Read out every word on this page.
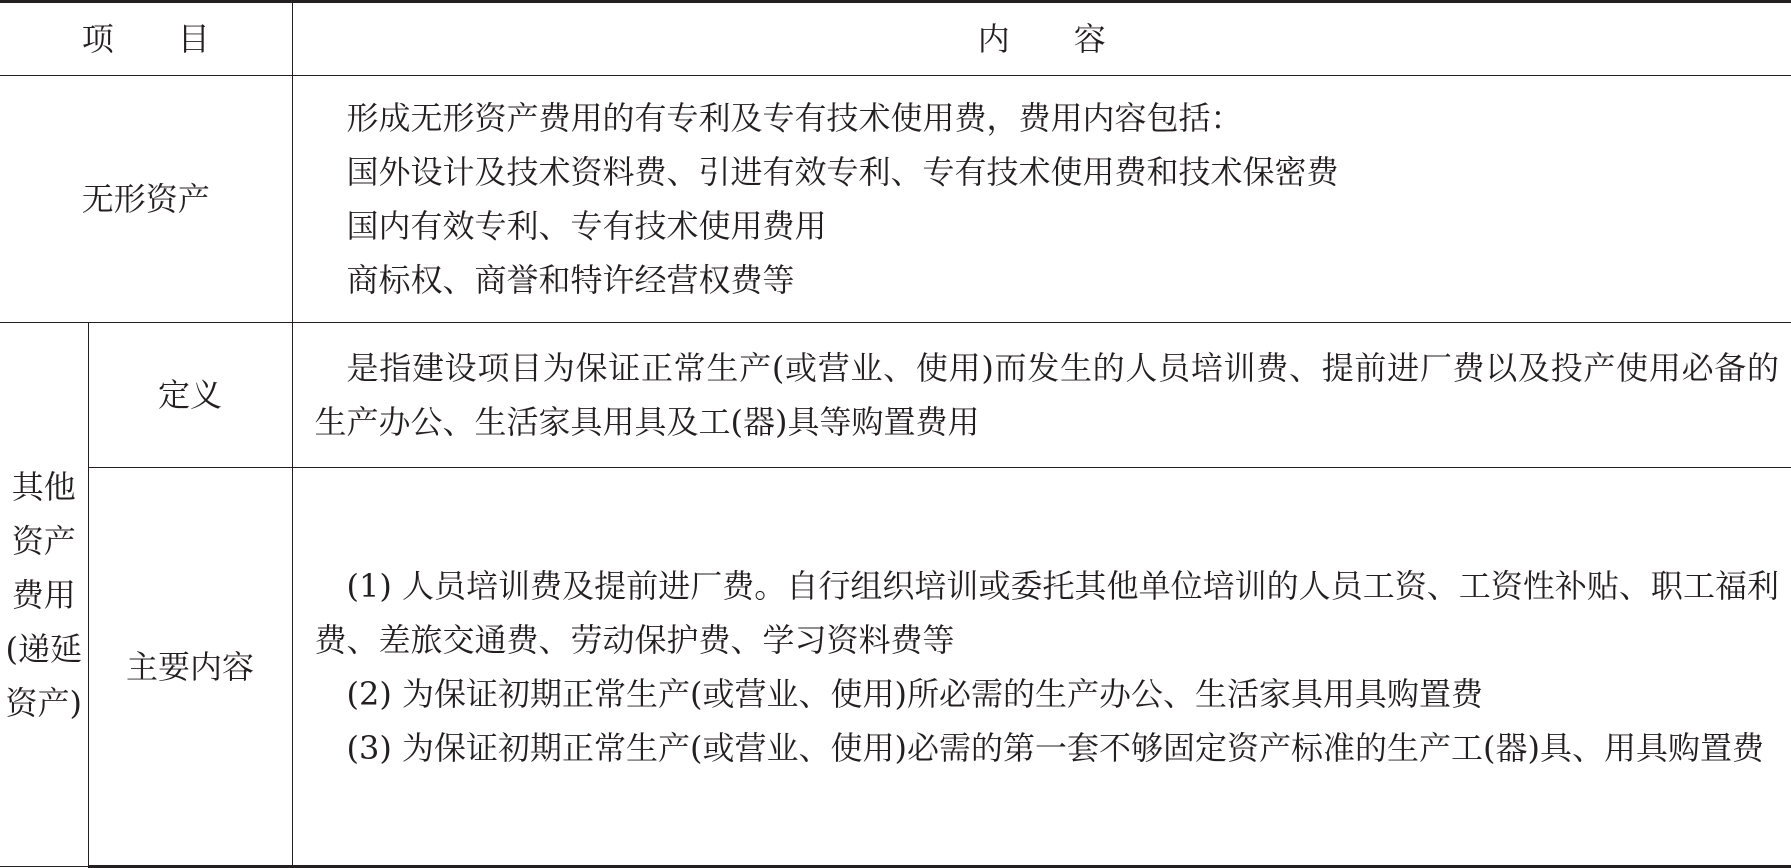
项目		内容
无形资产		形成无形资产费用的有专利及专有技术使用费，费用内容包括：
国外设计及技术资料费、引进有效专利、专有技术使用费和技术保密费
国内有效专利、专有技术使用费用
商标权、商誉和特许经营权费等

其他资产费用(递延资产)	定义	是指建设项目为保证正常生产(或营业、使用)而发生的人员培训费、提前进厂费以及投产使用必备的生产办公、生活家具用具及工(器)具等购置费用

	主要内容	(1) 人员培训费及提前进厂费。自行组织培训或委托其他单位培训的人员工资、工资性补贴、职工福利费、差旅交通费、劳动保护费、学习资料费等
(2) 为保证初期正常生产(或营业、使用)所必需的生产办公、生活家具用具购置费
(3) 为保证初期正常生产(或营业、使用)必需的第一套不够固定资产标准的生产工(器)具、用具购置费
